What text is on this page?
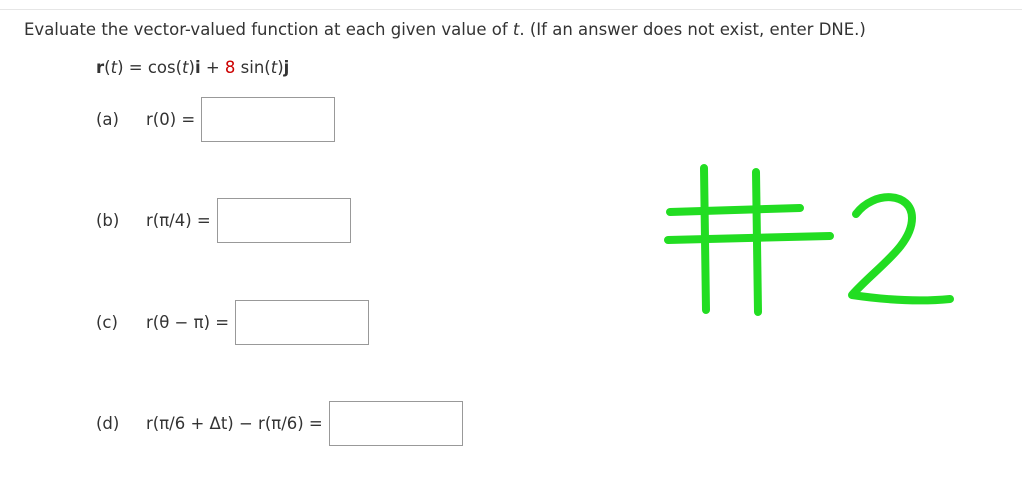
Evaluate the vector-valued function at each given value of t. (If an answer does not exist, enter DNE.)
r(t) = cos(t)i + 8 sin(t)j
(a)	r(0) =
(b)	r(π/4) =
(c)	r(θ − π) =
(d)	r(π/6 + Δt) − r(π/6) =
